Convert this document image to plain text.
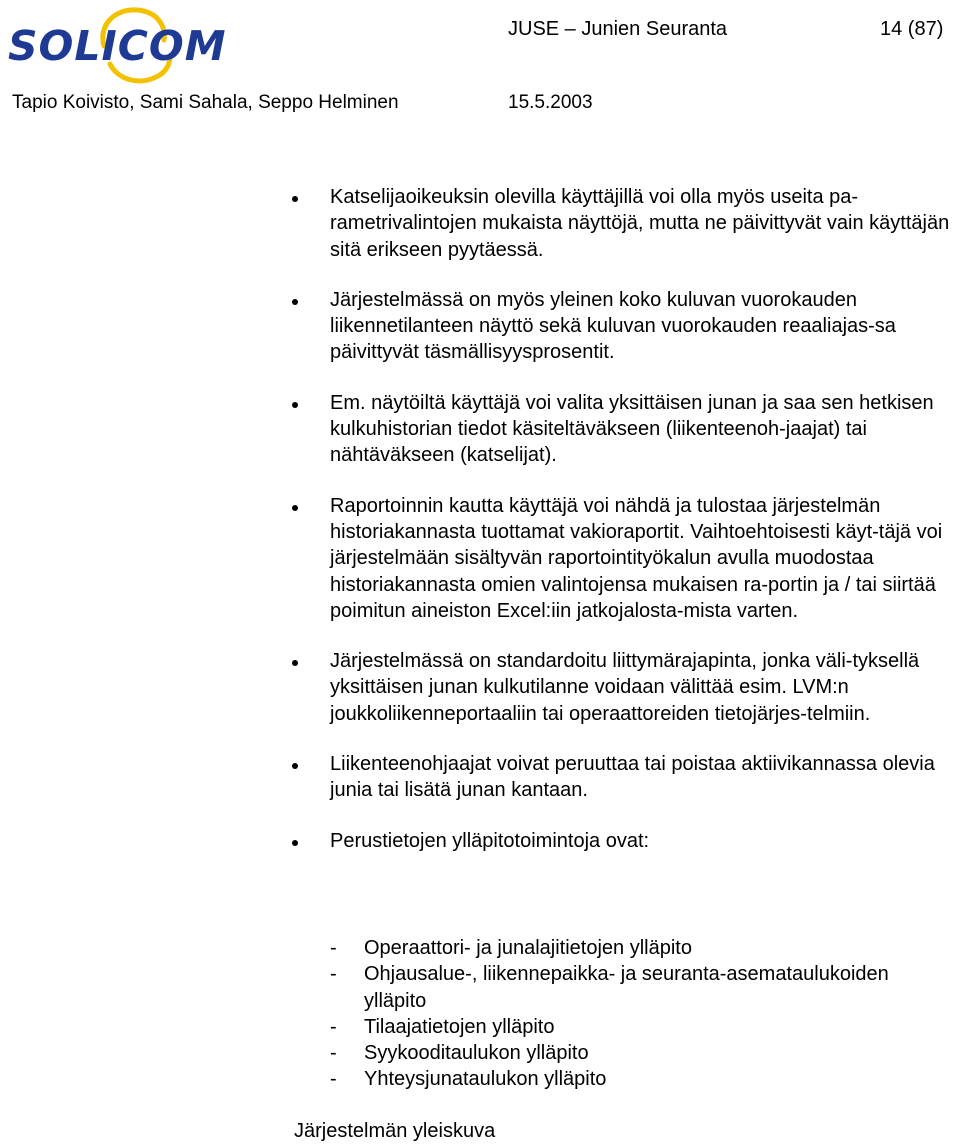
SOLICOM	JUSE – Junien Seuranta	14 (87)
Tapio Koivisto, Sami Sahala, Seppo Helminen	15.5.2003
Katselijaoikeuksin olevilla käyttäjillä voi olla myös useita pa-rametrivalintojen mukaista näyttöjä, mutta ne päivittyvät vain käyttäjän sitä erikseen pyytäessä.
Järjestelmässä on myös yleinen koko kuluvan vuorokauden liikennetilanteen näyttö sekä kuluvan vuorokauden reaaliajas-sa päivittyvät täsmällisyysprosentit.
Em. näytöiltä käyttäjä voi valita yksittäisen junan ja saa sen hetkisen kulkuhistorian tiedot käsiteltäväkseen (liikenteenoh-jaajat) tai nähtäväkseen (katselijat).
Raportoinnin kautta käyttäjä voi nähdä ja tulostaa järjestelmän historiakannasta tuottamat vakioraportit. Vaihtoehtoisesti käyt-täjä voi järjestelmään sisältyvän raportointityökalun avulla muodostaa historiakannasta omien valintojensa mukaisen ra-portin ja / tai siirtää poimitun aineiston Excel:iin jatkojalosta-mista varten.
Järjestelmässä on standardoitu liittymärajapinta, jonka väli-tyksellä yksittäisen junan kulkutilanne voidaan välittää esim. LVM:n joukkoliikenneportaaliin tai operaattoreiden tietojärjes-telmiin.
Liikenteenohjaajat voivat peruuttaa tai poistaa aktiivikannassa olevia junia tai lisätä junan kantaan.
Perustietojen ylläpitotoimintoja ovat:
- Operaattori- ja junalajitietojen ylläpito
- Ohjausalue-, liikennepaikka- ja seuranta-asemataulukoiden ylläpito
- Tilaajatietojen ylläpito
- Syykooditaulukon ylläpito
- Yhteysjunataulukon ylläpito
Järjestelmän yleiskuva
